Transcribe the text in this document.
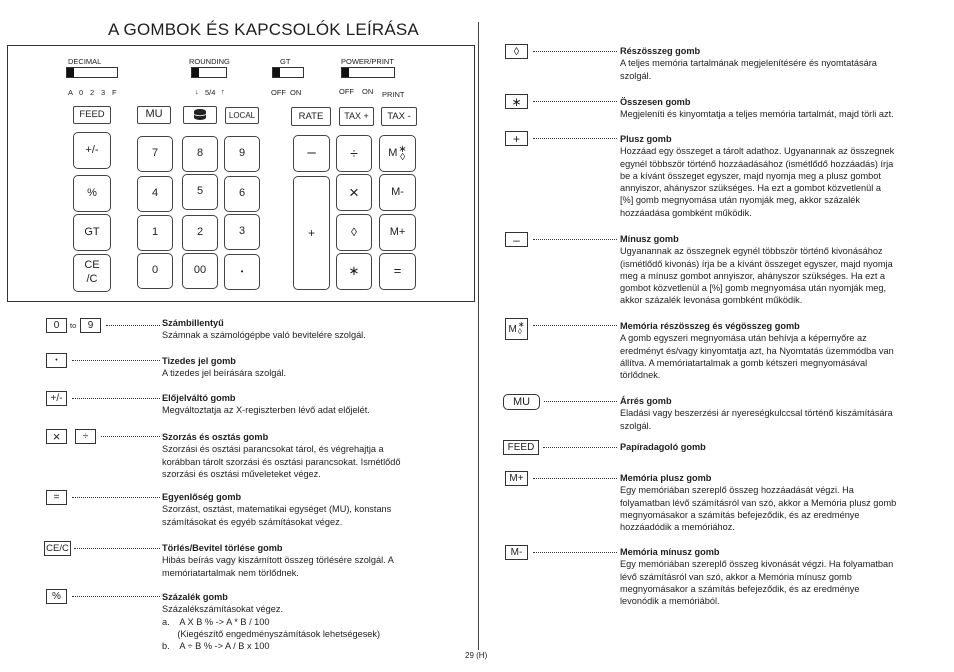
A GOMBOK ÉS KAPCSOLÓK LEÍRÁSA
DECIMAL
A 0 2 3 F
ROUNDING
↓ 5/4 ↑
GT
OFF ON
POWER/PRINT
OFF ON PRINT
FEED	MU	LOCAL	RATE	TAX +	TAX -
+/-
%
GT
CE
/C
7	8	9
4	5	6
1	2	3
0	00	•
–	÷	M ∗
◊
+
×	M-
◊	M+
∗	=
0	to	9	Számbillentyű
Számnak a számológépbe való bevitelére szolgál.
•	Tizedes jel gomb
A tizedes jel beírására szolgál.
+/-	Előjelváltó gomb
Megváltoztatja az X-regiszterben lévő adat előjelét.
×	÷	Szorzás és osztás gomb
Szorzási és osztási parancsokat tárol, és végrehajtja a
korábban tárolt szorzási és osztási parancsokat. Ismétlődő
szorzási és osztási műveleteket végez.
=	Egyenlőség gomb
Szorzást, osztást, matematikai egységet (MU), konstans
számításokat és egyéb számításokat végez.
CE/C	Törlés/Bevitel törlése gomb
Hibás beírás vagy kiszámított összeg törlésére szolgál. A
memóriatartalmak nem törlődnek.
%	Százalék gomb
Százalékszámításokat végez.
a.    A X B % -> A * B / 100
(Kiegészítő engedményszámítások lehetségesek)
b.    A ÷ B % -> A / B x 100
◊	Részösszeg gomb
A teljes memória tartalmának megjelenítésére és nyomtatására
szolgál.
∗	Összesen gomb
Megjeleníti és kinyomtatja a teljes memória tartalmát, majd törli azt.
+	Plusz gomb
Hozzáad egy összeget a tárolt adathoz. Ugyanannak az összegnek
egynél többször történő hozzáadásához (ismétlődő hozzáadás) írja
be a kívánt összeget egyszer, majd nyomja meg a plusz gombot
annyiszor, ahányszor szükséges. Ha ezt a gombot közvetlenül a
[%] gomb megnyomása után nyomják meg, akkor százalék
hozzáadása gombként működik.
–	Mínusz gomb
Ugyanannak az összegnek egynél többször történő kivonásához
(ismétlődő kivonás) írja be a kívánt összeget egyszer, majd nyomja
meg a mínusz gombot annyiszor, ahányszor szükséges. Ha ezt a
gombot közvetlenül a [%] gomb megnyomása után nyomják meg,
akkor százalék levonása gombként működik.
M ∗
◊
Memória részösszeg és végösszeg gomb
A gomb egyszeri megnyomása után behívja a képernyőre az
eredményt és/vagy kinyomtatja azt, ha Nyomtatás üzemmódba van
állítva. A memóriatartalmak a gomb kétszeri megnyomásával
törlődnek.
MU	Árrés gomb
Eladási vagy beszerzési ár nyereségkulccsal történő kiszámítására
szolgál.
FEED	Papíradagoló gomb
M+	Memória plusz gomb
Egy memóriában szereplő összeg hozzáadását végzi. Ha
folyamatban lévő számításról van szó, akkor a Memória plusz gomb
megnyomásakor a számítás befejeződik, és az eredménye
hozzáadódik a memóriához.
M-	Memória mínusz gomb
Egy memóriában szereplő összeg kivonását végzi. Ha folyamatban
lévő számításról van szó, akkor a Memória mínusz gomb
megnyomásakor a számítás befejeződik, és az eredménye
levonódik a memóriából.
29 (H)
